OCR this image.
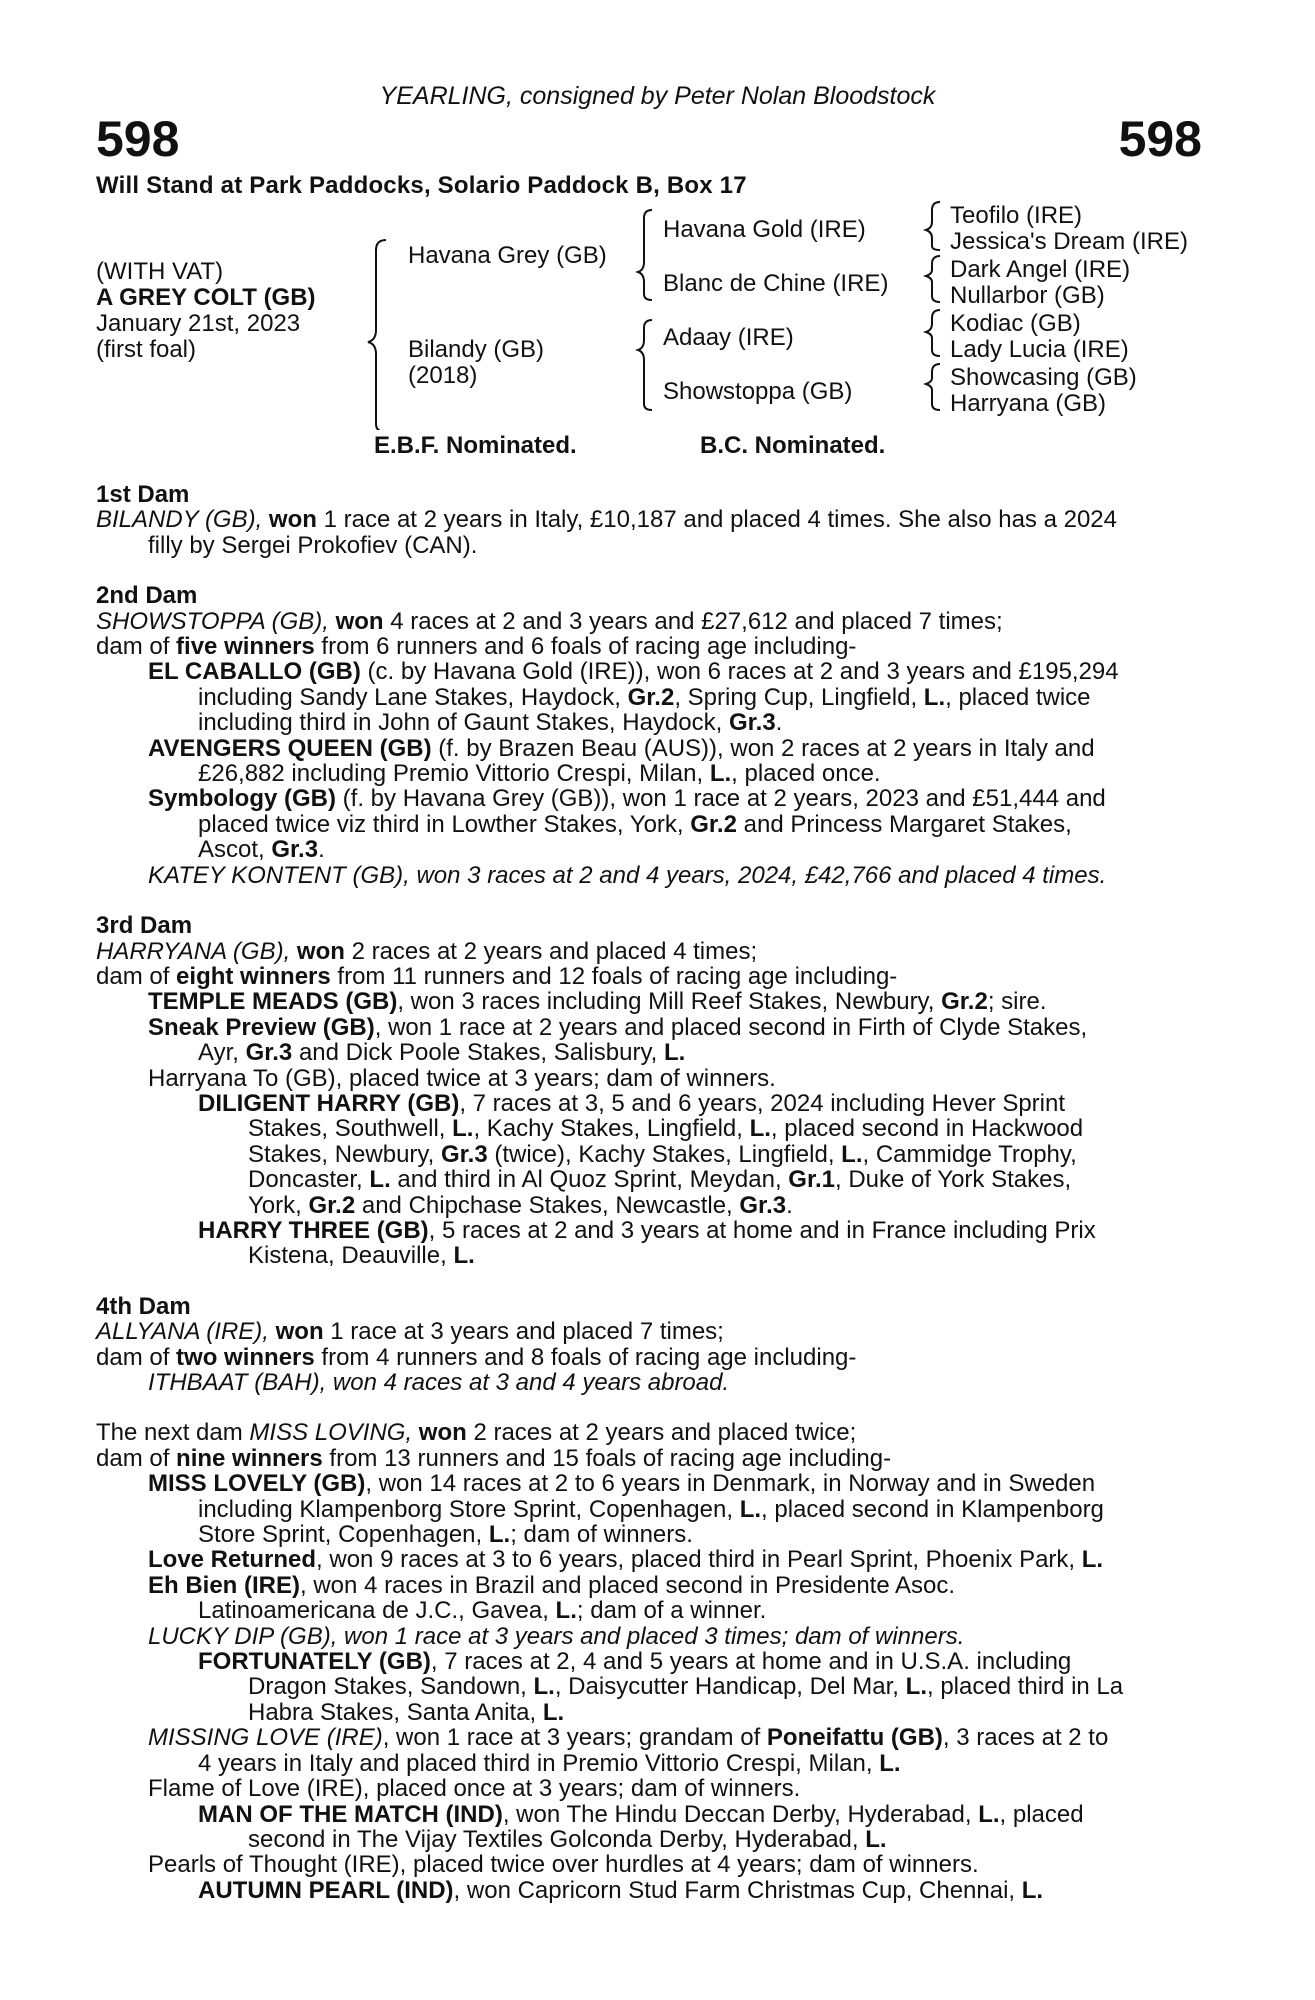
YEARLING, consigned by Peter Nolan Bloodstock
598	598
Will Stand at Park Paddocks, Solario Paddock B, Box 17
(WITH VAT)
A GREY COLT (GB)
January 21st, 2023
(first foal)
Havana Grey (GB)
Bilandy (GB)
(2018)
Havana Gold (IRE)
Blanc de Chine (IRE)
Adaay (IRE)
Showstoppa (GB)
Teofilo (IRE)
Jessica's Dream (IRE)
Dark Angel (IRE)
Nullarbor (GB)
Kodiac (GB)
Lady Lucia (IRE)
Showcasing (GB)
Harryana (GB)
E.B.F. Nominated.	B.C. Nominated.
1st Dam
BILANDY (GB), won 1 race at 2 years in Italy, £10,187 and placed 4 times. She also has a 2024
filly by Sergei Prokofiev (CAN).
2nd Dam
SHOWSTOPPA (GB), won 4 races at 2 and 3 years and £27,612 and placed 7 times;
dam of five winners from 6 runners and 6 foals of racing age including-
EL CABALLO (GB) (c. by Havana Gold (IRE)), won 6 races at 2 and 3 years and £195,294
including Sandy Lane Stakes, Haydock, Gr.2, Spring Cup, Lingfield, L., placed twice
including third in John of Gaunt Stakes, Haydock, Gr.3.
AVENGERS QUEEN (GB) (f. by Brazen Beau (AUS)), won 2 races at 2 years in Italy and
£26,882 including Premio Vittorio Crespi, Milan, L., placed once.
Symbology (GB) (f. by Havana Grey (GB)), won 1 race at 2 years, 2023 and £51,444 and
placed twice viz third in Lowther Stakes, York, Gr.2 and Princess Margaret Stakes,
Ascot, Gr.3.
KATEY KONTENT (GB), won 3 races at 2 and 4 years, 2024, £42,766 and placed 4 times.
3rd Dam
HARRYANA (GB), won 2 races at 2 years and placed 4 times;
dam of eight winners from 11 runners and 12 foals of racing age including-
TEMPLE MEADS (GB), won 3 races including Mill Reef Stakes, Newbury, Gr.2; sire.
Sneak Preview (GB), won 1 race at 2 years and placed second in Firth of Clyde Stakes,
Ayr, Gr.3 and Dick Poole Stakes, Salisbury, L.
Harryana To (GB), placed twice at 3 years; dam of winners.
DILIGENT HARRY (GB), 7 races at 3, 5 and 6 years, 2024 including Hever Sprint
Stakes, Southwell, L., Kachy Stakes, Lingfield, L., placed second in Hackwood
Stakes, Newbury, Gr.3 (twice), Kachy Stakes, Lingfield, L., Cammidge Trophy,
Doncaster, L. and third in Al Quoz Sprint, Meydan, Gr.1, Duke of York Stakes,
York, Gr.2 and Chipchase Stakes, Newcastle, Gr.3.
HARRY THREE (GB), 5 races at 2 and 3 years at home and in France including Prix
Kistena, Deauville, L.
4th Dam
ALLYANA (IRE), won 1 race at 3 years and placed 7 times;
dam of two winners from 4 runners and 8 foals of racing age including-
ITHBAAT (BAH), won 4 races at 3 and 4 years abroad.
The next dam MISS LOVING, won 2 races at 2 years and placed twice;
dam of nine winners from 13 runners and 15 foals of racing age including-
MISS LOVELY (GB), won 14 races at 2 to 6 years in Denmark, in Norway and in Sweden
including Klampenborg Store Sprint, Copenhagen, L., placed second in Klampenborg
Store Sprint, Copenhagen, L.; dam of winners.
Love Returned, won 9 races at 3 to 6 years, placed third in Pearl Sprint, Phoenix Park, L.
Eh Bien (IRE), won 4 races in Brazil and placed second in Presidente Asoc.
Latinoamericana de J.C., Gavea, L.; dam of a winner.
LUCKY DIP (GB), won 1 race at 3 years and placed 3 times; dam of winners.
FORTUNATELY (GB), 7 races at 2, 4 and 5 years at home and in U.S.A. including
Dragon Stakes, Sandown, L., Daisycutter Handicap, Del Mar, L., placed third in La
Habra Stakes, Santa Anita, L.
MISSING LOVE (IRE), won 1 race at 3 years; grandam of Poneifattu (GB), 3 races at 2 to
4 years in Italy and placed third in Premio Vittorio Crespi, Milan, L.
Flame of Love (IRE), placed once at 3 years; dam of winners.
MAN OF THE MATCH (IND), won The Hindu Deccan Derby, Hyderabad, L., placed
second in The Vijay Textiles Golconda Derby, Hyderabad, L.
Pearls of Thought (IRE), placed twice over hurdles at 4 years; dam of winners.
AUTUMN PEARL (IND), won Capricorn Stud Farm Christmas Cup, Chennai, L.
